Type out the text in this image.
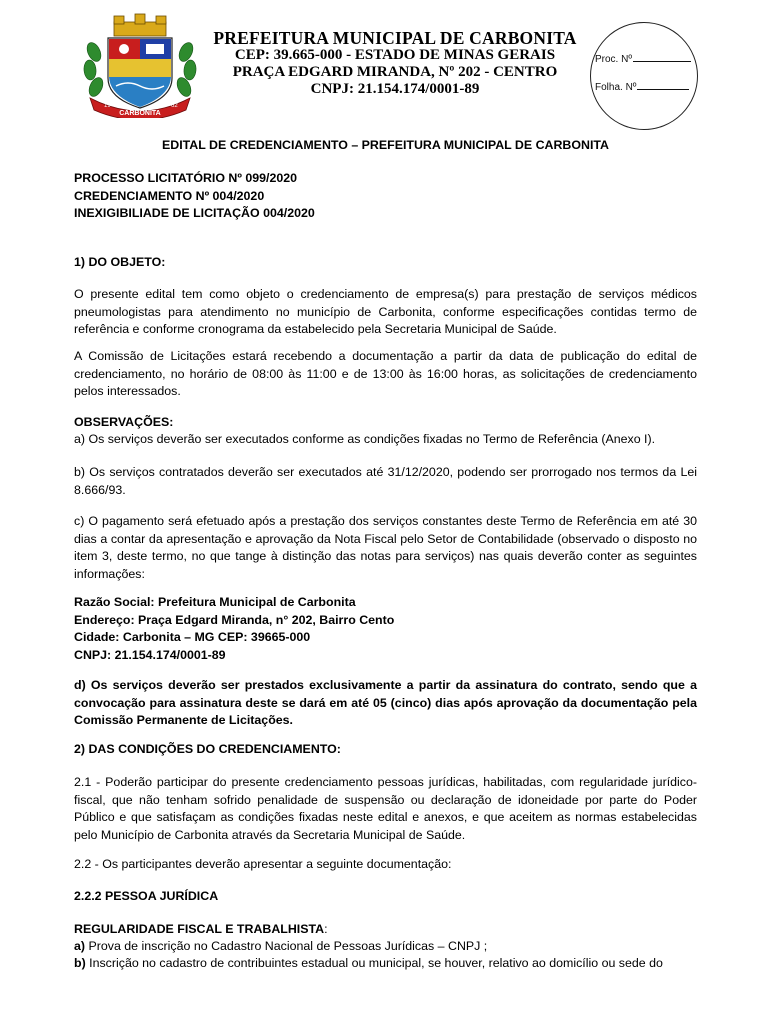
CARBONITA
19	62
PREFEITURA MUNICIPAL DE CARBONITA
CEP: 39.665-000 - ESTADO DE MINAS GERAIS
PRAÇA EDGARD MIRANDA, Nº 202 - CENTRO
CNPJ: 21.154.174/0001-89
Proc. Nº
Folha. Nº
EDITAL DE CREDENCIAMENTO – PREFEITURA MUNICIPAL DE CARBONITA
PROCESSO LICITATÓRIO Nº 099/2020
CREDENCIAMENTO Nº 004/2020
INEXIGIBILIADE DE LICITAÇÃO 004/2020
1) DO OBJETO:
O presente edital tem como objeto o credenciamento de empresa(s) para prestação de serviços médicos pneumologistas para atendimento no município de Carbonita, conforme especificações contidas termo de referência e conforme cronograma da estabelecido pela Secretaria Municipal de Saúde.
A Comissão de Licitações estará recebendo a documentação a partir da data de publicação do edital de credenciamento, no horário de 08:00 às 11:00 e de 13:00 às 16:00 horas, as solicitações de credenciamento pelos interessados.
OBSERVAÇÕES:
a) Os serviços deverão ser executados conforme as condições fixadas no Termo de Referência (Anexo I).
b) Os serviços contratados deverão ser executados até 31/12/2020, podendo ser prorrogado nos termos da Lei 8.666/93.
c) O pagamento será efetuado após a prestação dos serviços constantes deste Termo de Referência em até 30 dias a contar da apresentação e aprovação da Nota Fiscal pelo Setor de Contabilidade (observado o disposto no item 3, deste termo, no que tange à distinção das notas para serviços) nas quais deverão conter as seguintes informações:
Razão Social: Prefeitura Municipal de Carbonita
Endereço: Praça Edgard Miranda, n° 202, Bairro Cento
Cidade: Carbonita – MG CEP: 39665-000
CNPJ: 21.154.174/0001-89
d) Os serviços deverão ser prestados exclusivamente a partir da assinatura do contrato, sendo que a convocação para assinatura deste se dará em até 05 (cinco) dias após aprovação da documentação pela Comissão Permanente de Licitações.
2) DAS CONDIÇÕES DO CREDENCIAMENTO:
2.1 - Poderão participar do presente credenciamento pessoas jurídicas, habilitadas, com regularidade jurídico-fiscal, que não tenham sofrido penalidade de suspensão ou declaração de idoneidade por parte do Poder Público e que satisfaçam as condições fixadas neste edital e anexos, e que aceitem as normas estabelecidas pelo Município de Carbonita através da Secretaria Municipal de Saúde.
2.2 - Os participantes deverão apresentar a seguinte documentação:
2.2.2 PESSOA JURÍDICA
REGULARIDADE FISCAL E TRABALHISTA:
a) Prova de inscrição no Cadastro Nacional de Pessoas Jurídicas – CNPJ ;
b) Inscrição no cadastro de contribuintes estadual ou municipal, se houver, relativo ao domicílio ou sede do
